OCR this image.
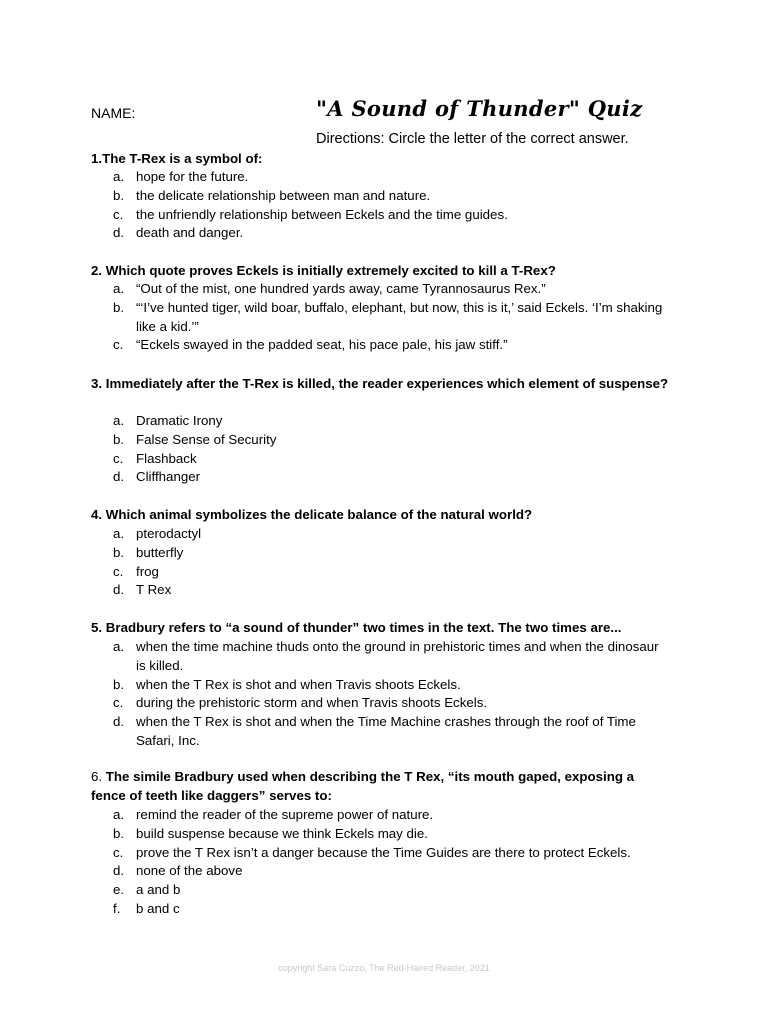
NAME:	"A Sound of Thunder" Quiz
Directions: Circle the letter of the correct answer.
1.The T-Rex is a symbol of:
a. hope for the future.
b. the delicate relationship between man and nature.
c. the unfriendly relationship between Eckels and the time guides.
d. death and danger.
2. Which quote proves Eckels is initially extremely excited to kill a T-Rex?
a. “Out of the mist, one hundred yards away, came Tyrannosaurus Rex.”
b. “‘I’ve hunted tiger, wild boar, buffalo, elephant, but now, this is it,’ said Eckels. ‘I’m shaking like a kid.’”
c. “Eckels swayed in the padded seat, his pace pale, his jaw stiff.”
3. Immediately after the T-Rex is killed, the reader experiences which element of suspense?
a. Dramatic Irony
b. False Sense of Security
c. Flashback
d. Cliffhanger
4. Which animal symbolizes the delicate balance of the natural world?
a. pterodactyl
b. butterfly
c. frog
d. T Rex
5. Bradbury refers to “a sound of thunder” two times in the text. The two times are...
a. when the time machine thuds onto the ground in prehistoric times and when the dinosaur is killed.
b. when the T Rex is shot and when Travis shoots Eckels.
c. during the prehistoric storm and when Travis shoots Eckels.
d. when the T Rex is shot and when the Time Machine crashes through the roof of Time Safari, Inc.
6. The simile Bradbury used when describing the T Rex, “its mouth gaped, exposing a fence of teeth like daggers” serves to:
a. remind the reader of the supreme power of nature.
b. build suspense because we think Eckels may die.
c. prove the T Rex isn’t a danger because the Time Guides are there to protect Eckels.
d. none of the above
e. a and b
f. b and c
copyright Sara Cuzzo, The Red-Haired Reader, 2021
